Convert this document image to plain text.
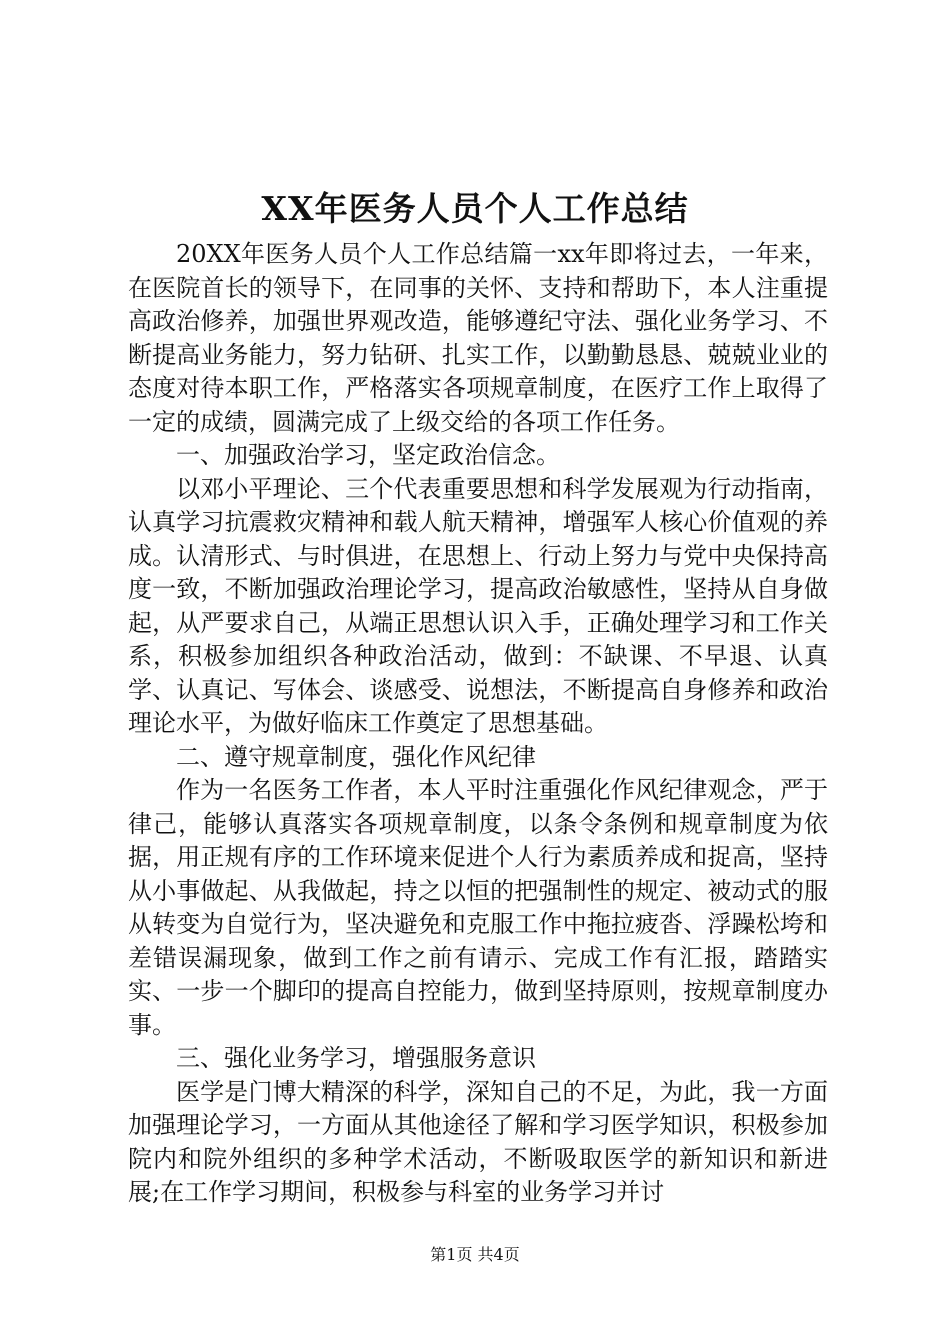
XX年医务人员个人工作总结

20XX年医务人员个人工作总结篇一xx年即将过去，一年来，在医院首长的领导下，在同事的关怀、支持和帮助下，本人注重提高政治修养，加强世界观改造，能够遵纪守法、强化业务学习、不断提高业务能力，努力钻研、扎实工作，以勤勤恳恳、兢兢业业的态度对待本职工作，严格落实各项规章制度，在医疗工作上取得了一定的成绩，圆满完成了上级交给的各项工作任务。

一、加强政治学习，坚定政治信念。

以邓小平理论、三个代表重要思想和科学发展观为行动指南，认真学习抗震救灾精神和载人航天精神，增强军人核心价值观的养成。认清形式、与时俱进，在思想上、行动上努力与党中央保持高度一致，不断加强政治理论学习，提高政治敏感性，坚持从自身做起，从严要求自己，从端正思想认识入手，正确处理学习和工作关系，积极参加组织各种政治活动，做到：不缺课、不早退、认真学、认真记、写体会、谈感受、说想法，不断提高自身修养和政治理论水平，为做好临床工作奠定了思想基础。

二、遵守规章制度，强化作风纪律

作为一名医务工作者，本人平时注重强化作风纪律观念，严于律己，能够认真落实各项规章制度，以条令条例和规章制度为依据，用正规有序的工作环境来促进个人行为素质养成和捉高，坚持从小事做起、从我做起，持之以恒的把强制性的规定、被动式的服从转变为自觉行为，坚决避免和克服工作中拖拉疲沓、浮躁松垮和差错误漏现象，做到工作之前有请示、完成工作有汇报，踏踏实实、一步一个脚印的提高自控能力，做到坚持原则，按规章制度办事。

三、强化业务学习，增强服务意识

医学是门博大精深的科学，深知自己的不足，为此，我一方面加强理论学习，一方面从其他途径了解和学习医学知识，积极参加院内和院外组织的多种学术活动，不断吸取医学的新知识和新进展;在工作学习期间，积极参与科室的业务学习并讨

第1页 共4页
